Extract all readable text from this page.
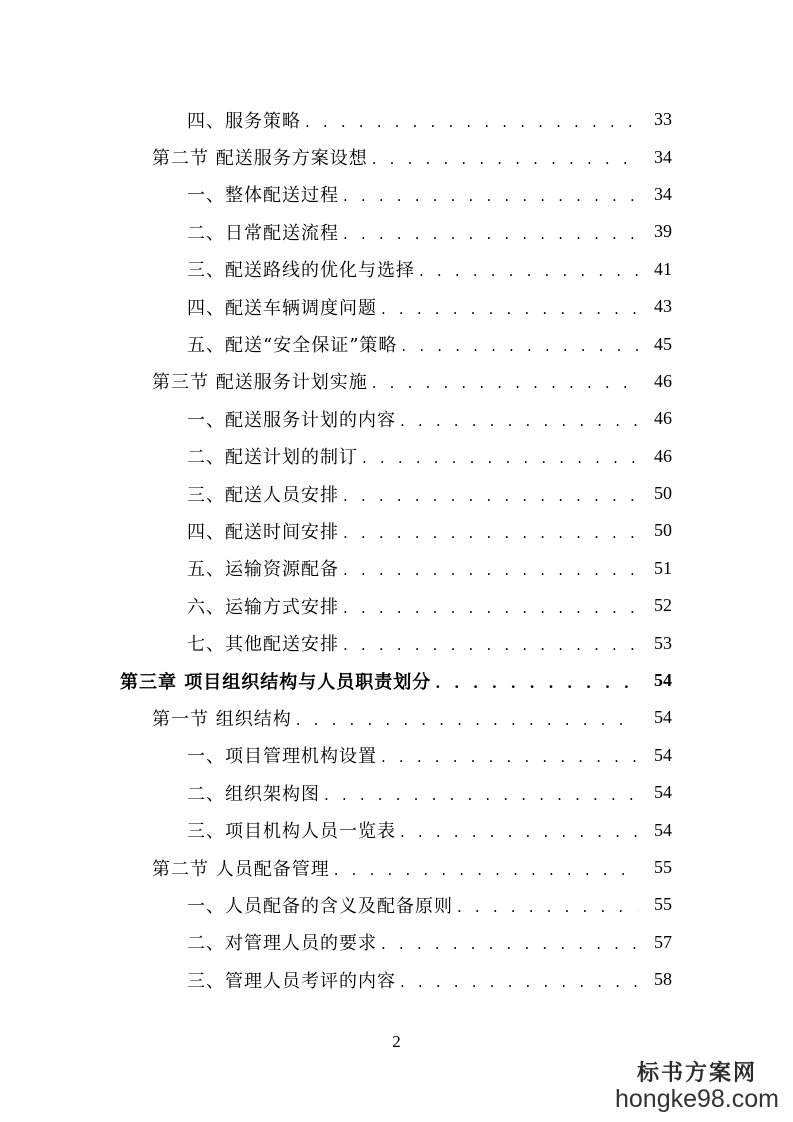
四、服务策略 . . .	33
第二节 配送服务方案设想 . . .	34
一、整体配送过程 . . .	34
二、日常配送流程 . . .	39
三、配送路线的优化与选择 . . .	41
四、配送车辆调度问题 . . .	43
五、配送“安全保证”策略 . . .	45
第三节 配送服务计划实施 . . .	46
一、配送服务计划的内容 . . .	46
二、配送计划的制订 . . .	46
三、配送人员安排 . . .	50
四、配送时间安排 . . .	50
五、运输资源配备 . . .	51
六、运输方式安排 . . .	52
七、其他配送安排 . . .	53
第三章 项目组织结构与人员职责划分 . . .	54
第一节 组织结构 . . .	54
一、项目管理机构设置 . . .	54
二、组织架构图 . . .	54
三、项目机构人员一览表 . . .	54
第二节 人员配备管理 . . .	55
一、人员配备的含义及配备原则 . . .	55
二、对管理人员的要求 . . .	57
三、管理人员考评的内容 . . .	58
2
标书方案网
hongke98.com
